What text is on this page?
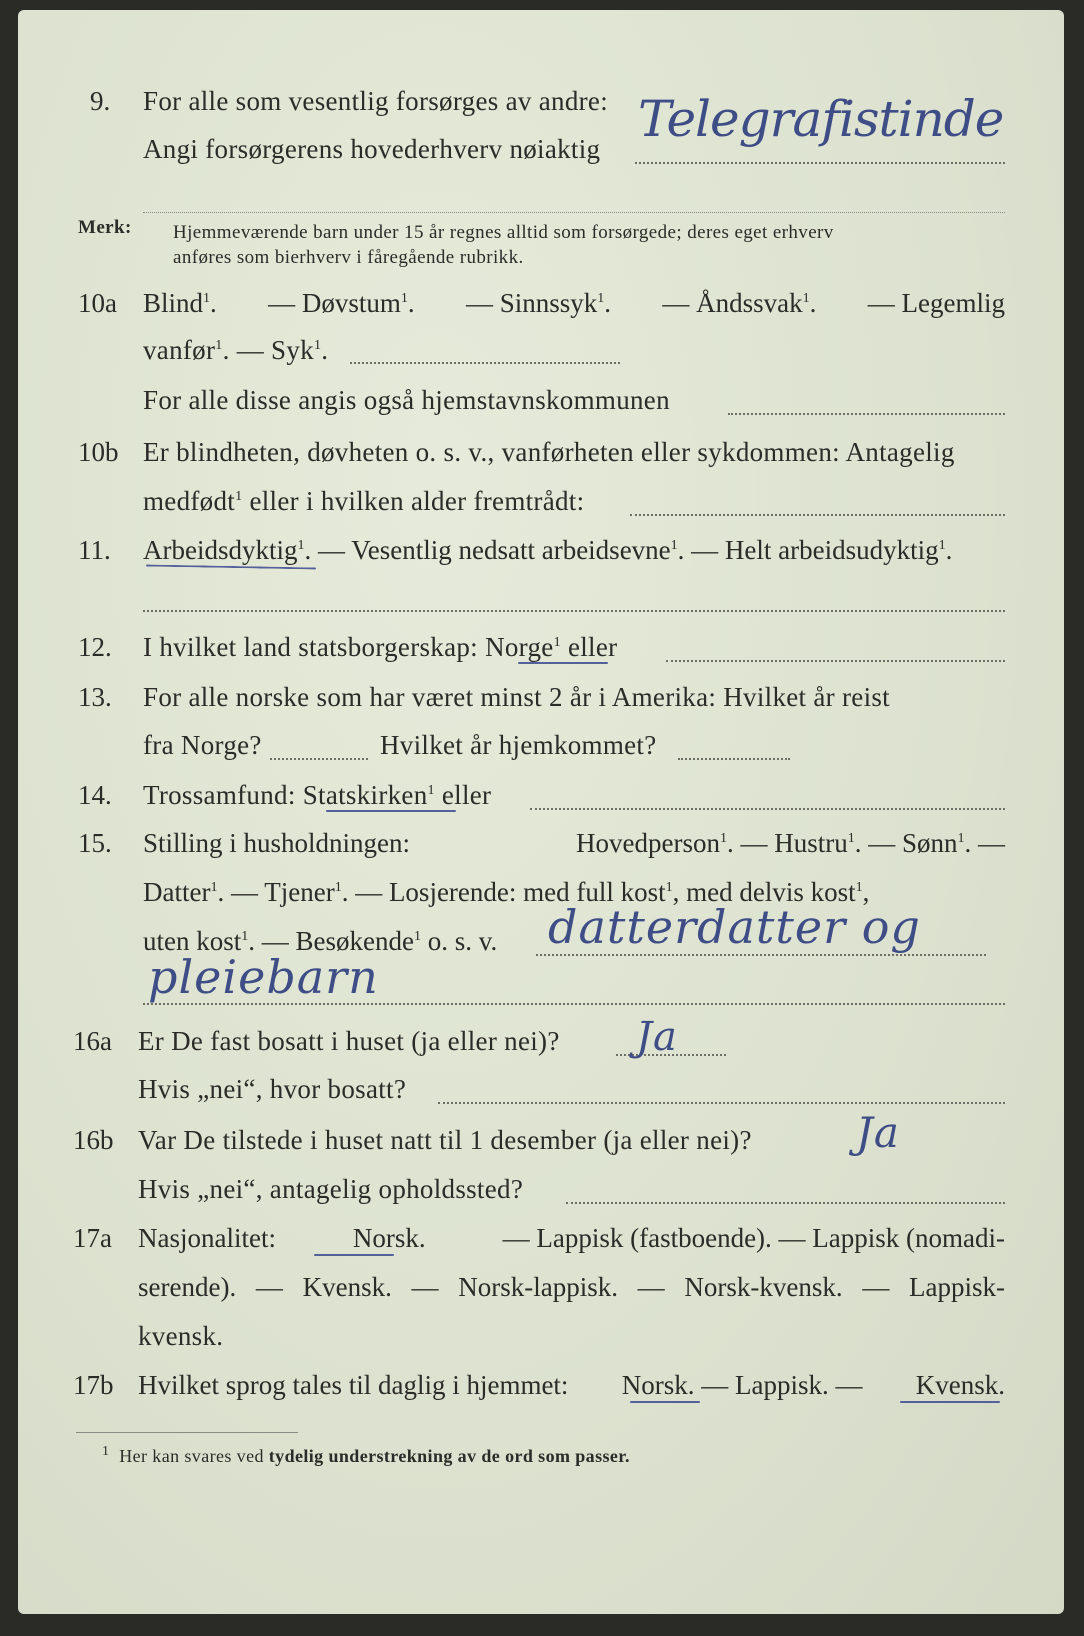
9. For alle som vesentlig forsørges av andre:
Angi forsørgerens hovederhverv nøiaktig
Telegrafistinde
Merk: Hjemmeværende barn under 15 år regnes alltid som forsørgede; deres eget erhverv
anføres som bierhverv i fåregående rubrikk.
10a Blind$^1$. — Døvstum$^1$. — Sinnssyk$^1$. — Åndssvak$^1$. — Legemlig
vanfør$^1$. — Syk$^1$.
For alle disse angis også hjemstavnskommunen
10b Er blindheten, døvheten o. s. v., vanførheten eller sykdommen: Antagelig
medfødt$^1$ eller i hvilken alder fremtrådt:
11. Arbeidsdyktig$^1$. — Vesentlig nedsatt arbeidsevne$^1$. — Helt arbeidsudyktig$^1$.
12. I hvilket land statsborgerskap: Norge$^1$ eller
13. For alle norske som har været minst 2 år i Amerika: Hvilket år reist
fra Norge?	Hvilket år hjemkommet?
14. Trossamfund: Statskirken$^1$ eller
15. Stilling i husholdningen:	Hovedperson$^1$. — Hustru$^1$. — Sønn$^1$. —
Datter$^1$. — Tjener$^1$. — Losjerende: med full kost$^1$, med delvis kost$^1$,
uten kost$^1$. — Besøkende$^1$ o. s. v. datterdatter og
pleiebarn
16a Er De fast bosatt i huset (ja eller nei)? Ja
Hvis „nei“, hvor bosatt?
16b Var De tilstede i huset natt til 1 desember (ja eller nei)? Ja
Hvis „nei“, antagelig opholdssted?
17a Nasjonalitet:	Norsk.	— Lappisk (fastboende). — Lappisk (nomadi-
serende). — Kvensk. — Norsk-lappisk. — Norsk-kvensk. — Lappisk-
kvensk.
17b Hvilket sprog tales til daglig i hjemmet: Norsk. — Lappisk. — Kvensk.
$^1$ Her kan svares ved tydelig understrekning av de ord som passer.
